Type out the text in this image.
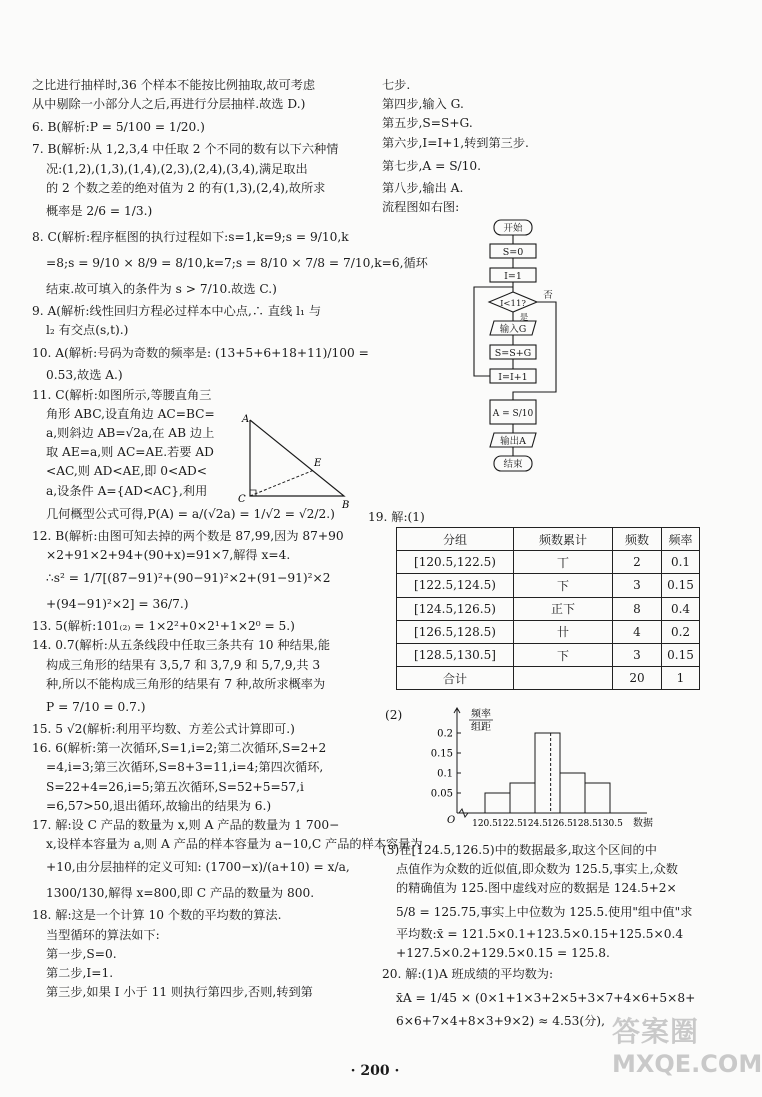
之比进行抽样时,36 个样本不能按比例抽取,故可考虑
从中剔除一小部分人之后,再进行分层抽样.故选 D.)
6. B(解析:P = 5/100 = 1/20.)
7. B(解析:从 1,2,3,4 中任取 2 个不同的数有以下六种情
况:(1,2),(1,3),(1,4),(2,3),(2,4),(3,4),满足取出
的 2 个数之差的绝对值为 2 的有(1,3),(2,4),故所求
概率是 2/6 = 1/3.)
8. C(解析:程序框图的执行过程如下:s=1,k=9;s = 9/10,k
=8;s = 9/10 × 8/9 = 8/10,k=7;s = 8/10 × 7/8 = 7/10,k=6,循环
结束.故可填入的条件为 s > 7/10.故选 C.)
9. A(解析:线性回归方程必过样本中心点,∴ 直线 l₁ 与
l₂ 有交点(s,t).)
10. A(解析:号码为奇数的频率是: (13+5+6+18+11)/100 =
0.53,故选 A.)
11. C(解析:如图所示,等腰直角三
角形 ABC,设直角边 AC=BC=
a,则斜边 AB=√2a,在 AB 边上
取 AE=a,则 AC=AE.若要 AD
<AC,则 AD<AE,即 0<AD<
a,设条件 A={AD<AC},利用
几何概型公式可得,P(A) = a/(√2a) = 1/√2 = √2/2.)
12. B(解析:由图可知去掉的两个数是 87,99,因为 87+90
×2+91×2+94+(90+x)=91×7,解得 x=4.
∴s² = 1/7[(87−91)²+(90−91)²×2+(91−91)²×2
+(94−91)²×2] = 36/7.)
13. 5(解析:101₍₂₎ = 1×2²+0×2¹+1×2⁰ = 5.)
14. 0.7(解析:从五条线段中任取三条共有 10 种结果,能
构成三角形的结果有 3,5,7 和 3,7,9 和 5,7,9,共 3
种,所以不能构成三角形的结果有 7 种,故所求概率为
P = 7/10 = 0.7.)
15. 5 √2(解析:利用平均数、方差公式计算即可.)
16. 6(解析:第一次循环,S=1,i=2;第二次循环,S=2+2
=4,i=3;第三次循环,S=8+3=11,i=4;第四次循环,
S=22+4=26,i=5;第五次循环,S=52+5=57,i
=6,57>50,退出循环,故输出的结果为 6.)
17. 解:设 C 产品的数量为 x,则 A 产品的数量为 1 700−
x,设样本容量为 a,则 A 产品的样本容量为 a−10,C 产品的样本容量为
+10,由分层抽样的定义可知: (1700−x)/(a+10) = x/a,
1300/130,解得 x=800,即 C 产品的数量为 800.
18. 解:这是一个计算 10 个数的平均数的算法.
当型循环的算法如下:
第一步,S=0.
第二步,I=1.
第三步,如果 I 小于 11 则执行第四步,否则,转到第
A
C
E
B
七步.
第四步,输入 G.
第五步,S=S+G.
第六步,I=I+1,转到第三步.
第七步,A = S/10.
第八步,输出 A.
流程图如右图:
开始
S=0
I=1
I<11?
否
是
输入G
S=S+G
I=I+1
A = S/10
输出A
结束
19. 解:(1)
分组	频数累计	频数	频率
[120.5,122.5)	丅	2	0.1
[122.5,124.5)	下	3	0.15
[124.5,126.5)	正下	8	0.4
[126.5,128.5)	卄	4	0.2
[128.5,130.5]	下	3	0.15
合计		20	1
(2)	频率组距
O	数据
0.05
0.1
0.15
0.2
120.5 122.5 124.5 126.5 128.5 130.5
(3)在[124.5,126.5)中的数据最多,取这个区间的中
点值作为众数的近似值,即众数为 125.5,事实上,众数
的精确值为 125.图中虚线对应的数据是 124.5+2×
5/8 = 125.75,事实上中位数为 125.5.使用"组中值"求
平均数:x̄ = 121.5×0.1+123.5×0.15+125.5×0.4
+127.5×0.2+129.5×0.15 = 125.8.
20. 解:(1)A 班成绩的平均数为:
x̄A = 1/45 × (0×1+1×3+2×5+3×7+4×6+5×8+
6×6+7×4+8×3+9×2) ≈ 4.53(分),
· 200 ·
答案圈
MXQE.COM
